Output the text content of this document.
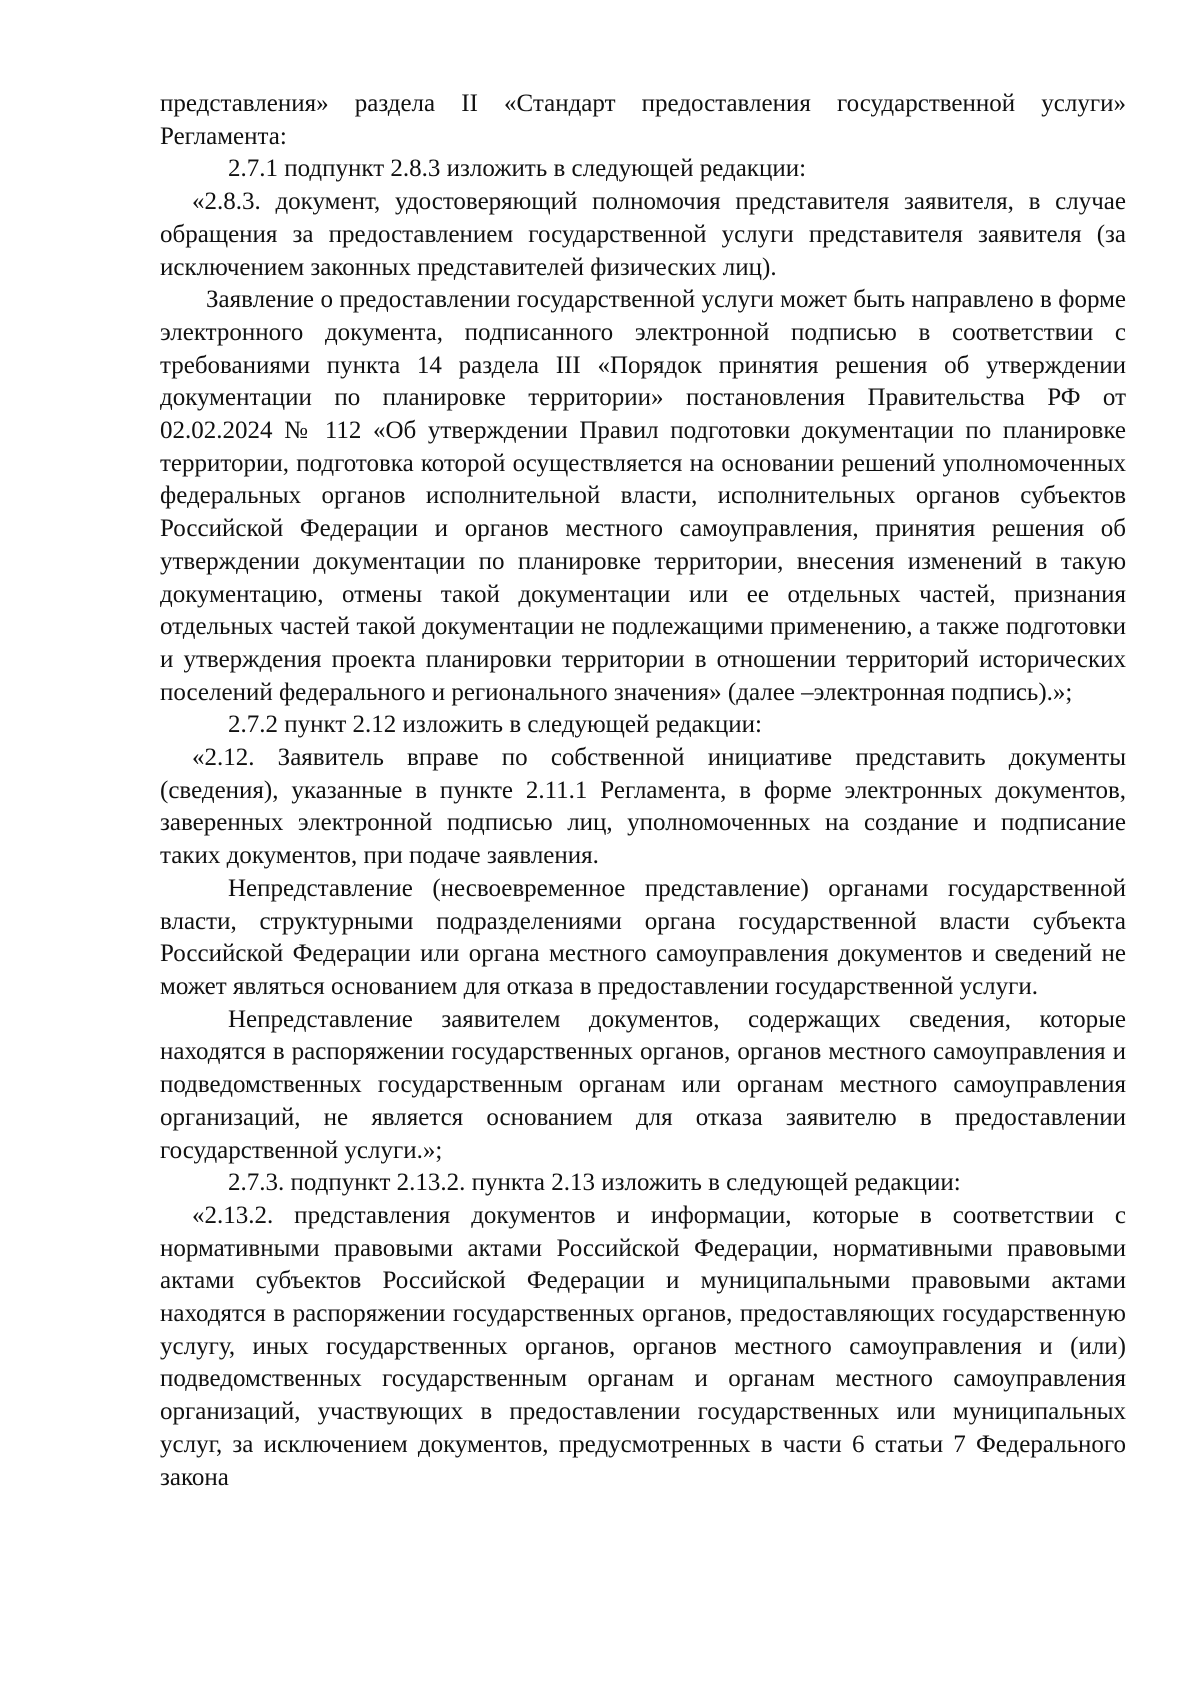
представления» раздела II «Стандарт предоставления государственной услуги» Регламента:

2.7.1 подпункт 2.8.3 изложить в следующей редакции:

«2.8.3. документ, удостоверяющий полномочия представителя заявителя, в случае обращения за предоставлением государственной услуги представителя заявителя (за исключением законных представителей физических лиц).

Заявление о предоставлении государственной услуги может быть направлено в форме электронного документа, подписанного электронной подписью в соответствии с требованиями пункта 14 раздела III «Порядок принятия решения об утверждении документации по планировке территории» постановления Правительства РФ от 02.02.2024 № 112 «Об утверждении Правил подготовки документации по планировке территории, подготовка которой осуществляется на основании решений уполномоченных федеральных органов исполнительной власти, исполнительных органов субъектов Российской Федерации и органов местного самоуправления, принятия решения об утверждении документации по планировке территории, внесения изменений в такую документацию, отмены такой документации или ее отдельных частей, признания отдельных частей такой документации не подлежащими применению, а также подготовки и утверждения проекта планировки территории в отношении территорий исторических поселений федерального и регионального значения» (далее –электронная подпись).»;

2.7.2 пункт 2.12 изложить в следующей редакции:

«2.12. Заявитель вправе по собственной инициативе представить документы (сведения), указанные в пункте 2.11.1 Регламента, в форме электронных документов, заверенных электронной подписью лиц, уполномоченных на создание и подписание таких документов, при подаче заявления.

Непредставление (несвоевременное представление) органами государственной власти, структурными подразделениями органа государственной власти субъекта Российской Федерации или органа местного самоуправления документов и сведений не может являться основанием для отказа в предоставлении государственной услуги.

Непредставление заявителем документов, содержащих сведения, которые находятся в распоряжении государственных органов, органов местного самоуправления и подведомственных государственным органам или органам местного самоуправления организаций, не является основанием для отказа заявителю в предоставлении государственной услуги.»;

2.7.3. подпункт 2.13.2. пункта 2.13 изложить в следующей редакции:

«2.13.2. представления документов и информации, которые в соответствии с нормативными правовыми актами Российской Федерации, нормативными правовыми актами субъектов Российской Федерации и муниципальными правовыми актами находятся в распоряжении государственных органов, предоставляющих государственную услугу, иных государственных органов, органов местного самоуправления и (или) подведомственных государственным органам и органам местного самоуправления организаций, участвующих в предоставлении государственных или муниципальных услуг, за исключением документов, предусмотренных в части 6 статьи 7 Федерального закона
